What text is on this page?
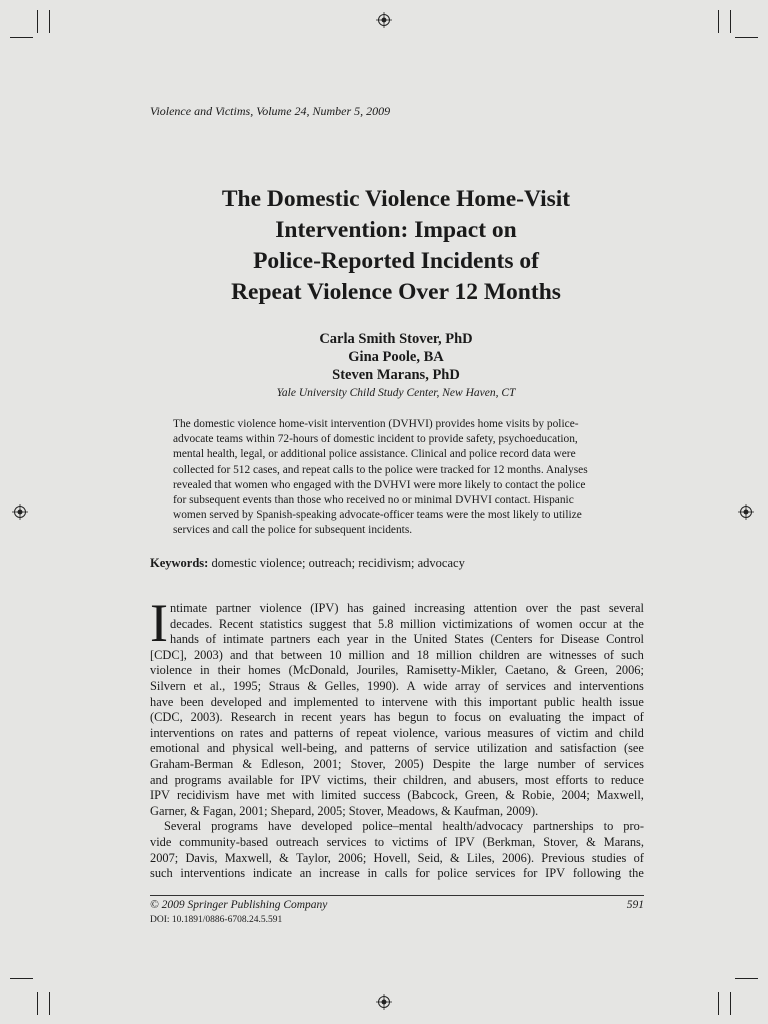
Violence and Victims, Volume 24, Number 5, 2009
The Domestic Violence Home-Visit
Intervention: Impact on
Police-Reported Incidents of
Repeat Violence Over 12 Months
Carla Smith Stover, PhD
Gina Poole, BA
Steven Marans, PhD
Yale University Child Study Center, New Haven, CT
The domestic violence home-visit intervention (DVHVI) provides home visits by police-
advocate teams within 72-hours of domestic incident to provide safety, psychoeducation,
mental health, legal, or additional police assistance. Clinical and police record data were
collected for 512 cases, and repeat calls to the police were tracked for 12 months. Analyses
revealed that women who engaged with the DVHVI were more likely to contact the police
for subsequent events than those who received no or minimal DVHVI contact. Hispanic
women served by Spanish-speaking advocate-officer teams were the most likely to utilize
services and call the police for subsequent incidents.
Keywords: domestic violence; outreach; recidivism; advocacy
I ntimate partner violence (IPV) has gained increasing attention over the past several
decades. Recent statistics suggest that 5.8 million victimizations of women occur at the
hands of intimate partners each year in the United States (Centers for Disease Control
[CDC], 2003) and that between 10 million and 18 million children are witnesses of such
violence in their homes (McDonald, Jouriles, Ramisetty-Mikler, Caetano, & Green, 2006;
Silvern et al., 1995; Straus & Gelles, 1990). A wide array of services and interventions
have been developed and implemented to intervene with this important public health issue
(CDC, 2003). Research in recent years has begun to focus on evaluating the impact of
interventions on rates and patterns of repeat violence, various measures of victim and child
emotional and physical well-being, and patterns of service utilization and satisfaction (see
Graham-Berman & Edleson, 2001; Stover, 2005) Despite the large number of services
and programs available for IPV victims, their children, and abusers, most efforts to reduce
IPV recidivism have met with limited success (Babcock, Green, & Robie, 2004; Maxwell,
Garner, & Fagan, 2001; Shepard, 2005; Stover, Meadows, & Kaufman, 2009).
Several programs have developed police–mental health/advocacy partnerships to pro-
vide community-based outreach services to victims of IPV (Berkman, Stover, & Marans,
2007; Davis, Maxwell, & Taylor, 2006; Hovell, Seid, & Liles, 2006). Previous studies of
such interventions indicate an increase in calls for police services for IPV following the
© 2009 Springer Publishing Company	591
DOI: 10.1891/0886-6708.24.5.591
